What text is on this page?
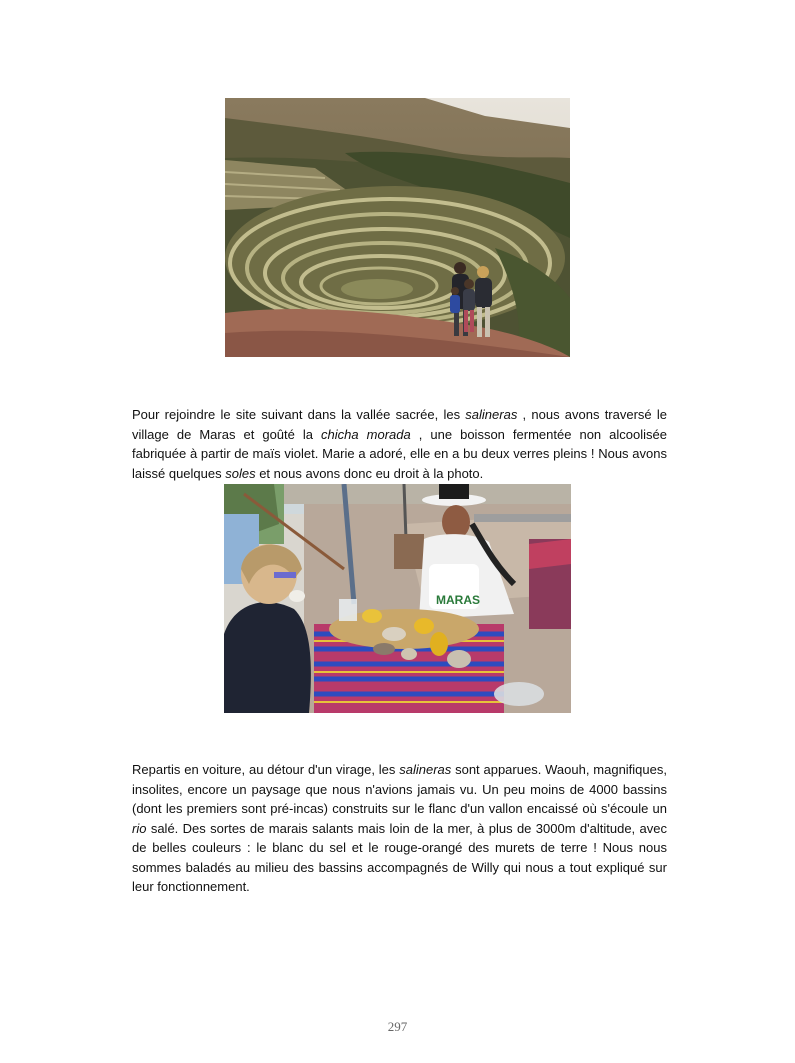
Pour rejoindre le site suivant dans la vallée sacrée, les salineras , nous avons traversé le village de Maras et goûté la chicha morada , une boisson fermentée non alcoolisée fabriquée à partir de maïs violet. Marie a adoré, elle en a bu deux verres pleins ! Nous avons laissé quelques soles et nous avons donc eu droit à la photo.

MARAS

Repartis en voiture, au détour d'un virage, les salineras sont apparues. Waouh, magnifiques, insolites, encore un paysage que nous n'avions jamais vu. Un peu moins de 4000 bassins (dont les premiers sont pré-incas) construits sur le flanc d'un vallon encaissé où s'écoule un rio salé. Des sortes de marais salants mais loin de la mer, à plus de 3000m d'altitude, avec de belles couleurs : le blanc du sel et le rouge-orangé des murets de terre ! Nous nous sommes baladés au milieu des bassins accompagnés de Willy qui nous a tout expliqué sur leur fonctionnement.

297
